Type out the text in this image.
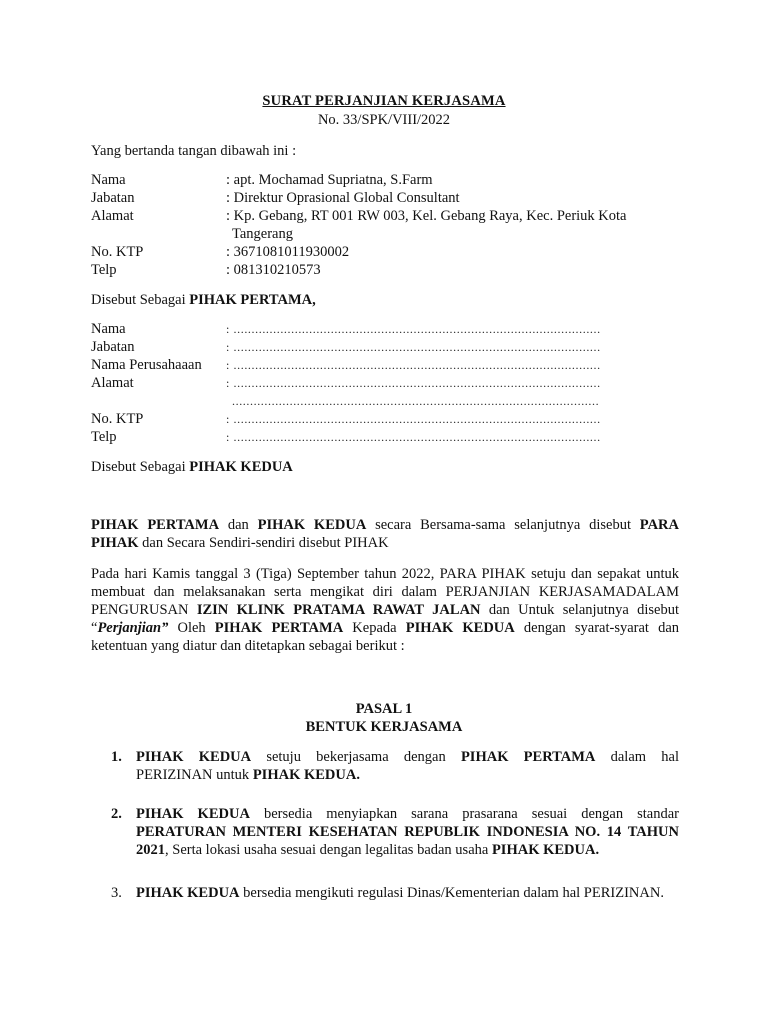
SURAT PERJANJIAN KERJASAMA
No. 33/SPK/VIII/2022
Yang bertanda tangan dibawah ini :
Nama	: apt. Mochamad Supriatna, S.Farm
Jabatan	: Direktur Oprasional Global Consultant
Alamat	: Kp. Gebang, RT 001 RW 003, Kel. Gebang Raya, Kec. Periuk Kota
Tangerang
No. KTP	: 3671081011930002
Telp	: 081310210573
Disebut Sebagai PIHAK PERTAMA,
Nama	: ......................................................................................................
Jabatan	: ......................................................................................................
Nama Perusahaaan : ......................................................................................................
Alamat	: ......................................................................................................
......................................................................................................
No. KTP	: ......................................................................................................
Telp	: ......................................................................................................
Disebut Sebagai PIHAK KEDUA
PIHAK PERTAMA dan PIHAK KEDUA secara Bersama-sama selanjutnya disebut PARA
PIHAK dan Secara Sendiri-sendiri disebut PIHAK
Pada hari Kamis tanggal 3 (Tiga) September tahun 2022, PARA PIHAK setuju dan sepakat untuk
membuat dan melaksanakan serta mengikat diri dalam PERJANJIAN KERJASAMADALAM
PENGURUSAN IZIN KLINK PRATAMA RAWAT JALAN dan Untuk selanjutnya disebut
“Perjanjian” Oleh PIHAK PERTAMA Kepada PIHAK KEDUA dengan syarat-syarat dan
ketentuan yang diatur dan ditetapkan sebagai berikut :
PASAL 1
BENTUK KERJASAMA
1. PIHAK KEDUA setuju bekerjasama dengan PIHAK PERTAMA dalam hal
PERIZINAN untuk PIHAK KEDUA.
2. PIHAK KEDUA bersedia menyiapkan sarana prasarana sesuai dengan standar
PERATURAN MENTERI KESEHATAN REPUBLIK INDONESIA NO. 14 TAHUN
2021, Serta lokasi usaha sesuai dengan legalitas badan usaha PIHAK KEDUA.
3. PIHAK KEDUA bersedia mengikuti regulasi Dinas/Kementerian dalam hal PERIZINAN.
